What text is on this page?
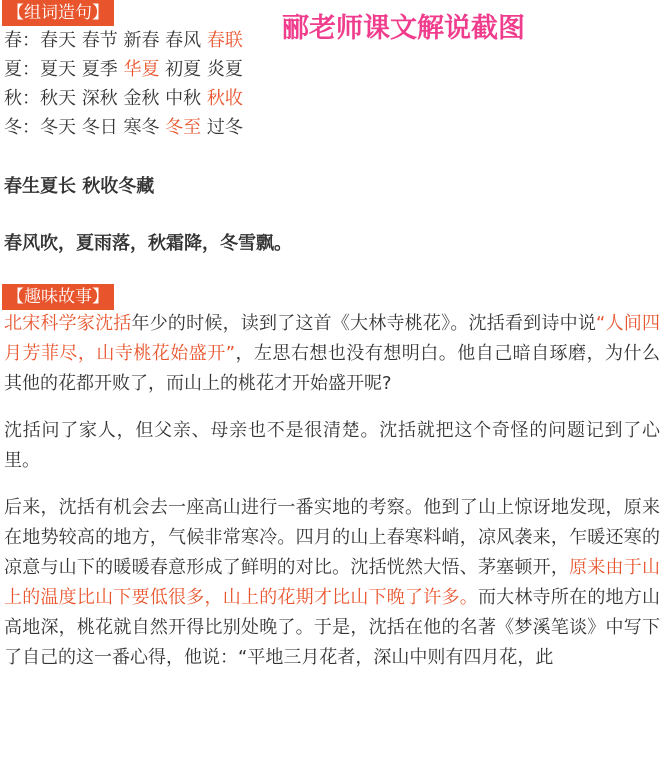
【组词造句】	郦老师课文解说截图
春：春天 春节 新春 春风 春联
夏：夏天 夏季 华夏 初夏 炎夏
秋：秋天 深秋 金秋 中秋 秋收
冬：冬天 冬日 寒冬 冬至 过冬
春生夏长 秋收冬藏
春风吹，夏雨落，秋霜降，冬雪飘。
【趣味故事】

北宋科学家沈括年少的时候，读到了这首《大林寺桃花》。沈括看到诗中说“人间四月芳菲尽，山寺桃花始盛开”，左思右想也没有想明白。他自己暗自琢磨，为什么其他的花都开败了，而山上的桃花才开始盛开呢?

沈括问了家人，但父亲、母亲也不是很清楚。沈括就把这个奇怪的问题记到了心里。

后来，沈括有机会去一座高山进行一番实地的考察。他到了山上惊讶地发现，原来在地势较高的地方，气候非常寒冷。四月的山上春寒料峭，凉风袭来，乍暖还寒的凉意与山下的暖暖春意形成了鲜明的对比。沈括恍然大悟、茅塞顿开，原来由于山上的温度比山下要低很多，山上的花期才比山下晚了许多。而大林寺所在的地方山高地深，桃花就自然开得比别处晚了。于是，沈括在他的名著《梦溪笔谈》中写下了自己的这一番心得，他说：“平地三月花者，深山中则有四月花，此
